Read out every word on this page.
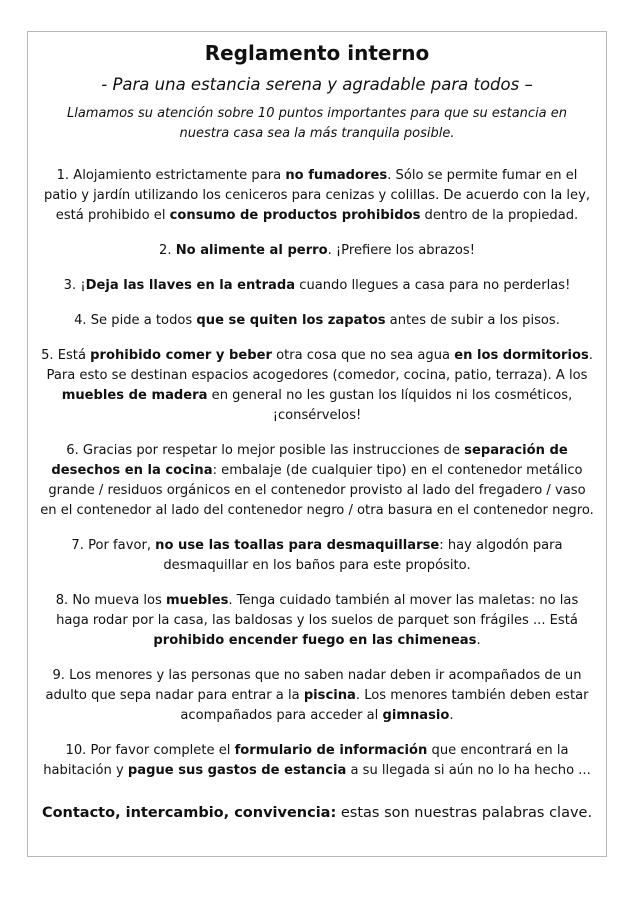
Reglamento interno

- Para una estancia serena y agradable para todos –

Llamamos su atención sobre 10 puntos importantes para que su estancia en nuestra casa sea la más tranquila posible.

1. Alojamiento estrictamente para no fumadores. Sólo se permite fumar en el patio y jardín utilizando los ceniceros para cenizas y colillas. De acuerdo con la ley, está prohibido el consumo de productos prohibidos dentro de la propiedad.

2. No alimente al perro. ¡Prefiere los abrazos!

3. ¡Deja las llaves en la entrada cuando llegues a casa para no perderlas!

4. Se pide a todos que se quiten los zapatos antes de subir a los pisos.

5. Está prohibido comer y beber otra cosa que no sea agua en los dormitorios. Para esto se destinan espacios acogedores (comedor, cocina, patio, terraza). A los muebles de madera en general no les gustan los líquidos ni los cosméticos, ¡consérvelos!

6. Gracias por respetar lo mejor posible las instrucciones de separación de desechos en la cocina: embalaje (de cualquier tipo) en el contenedor metálico grande / residuos orgánicos en el contenedor provisto al lado del fregadero / vaso en el contenedor al lado del contenedor negro / otra basura en el contenedor negro.

7. Por favor, no use las toallas para desmaquillarse: hay algodón para desmaquillar en los baños para este propósito.

8. No mueva los muebles. Tenga cuidado también al mover las maletas: no las haga rodar por la casa, las baldosas y los suelos de parquet son frágiles ... Está prohibido encender fuego en las chimeneas.

9. Los menores y las personas que no saben nadar deben ir acompañados de un adulto que sepa nadar para entrar a la piscina. Los menores también deben estar acompañados para acceder al gimnasio.

10. Por favor complete el formulario de información que encontrará en la habitación y pague sus gastos de estancia a su llegada si aún no lo ha hecho ...

Contacto, intercambio, convivencia: estas son nuestras palabras clave.
